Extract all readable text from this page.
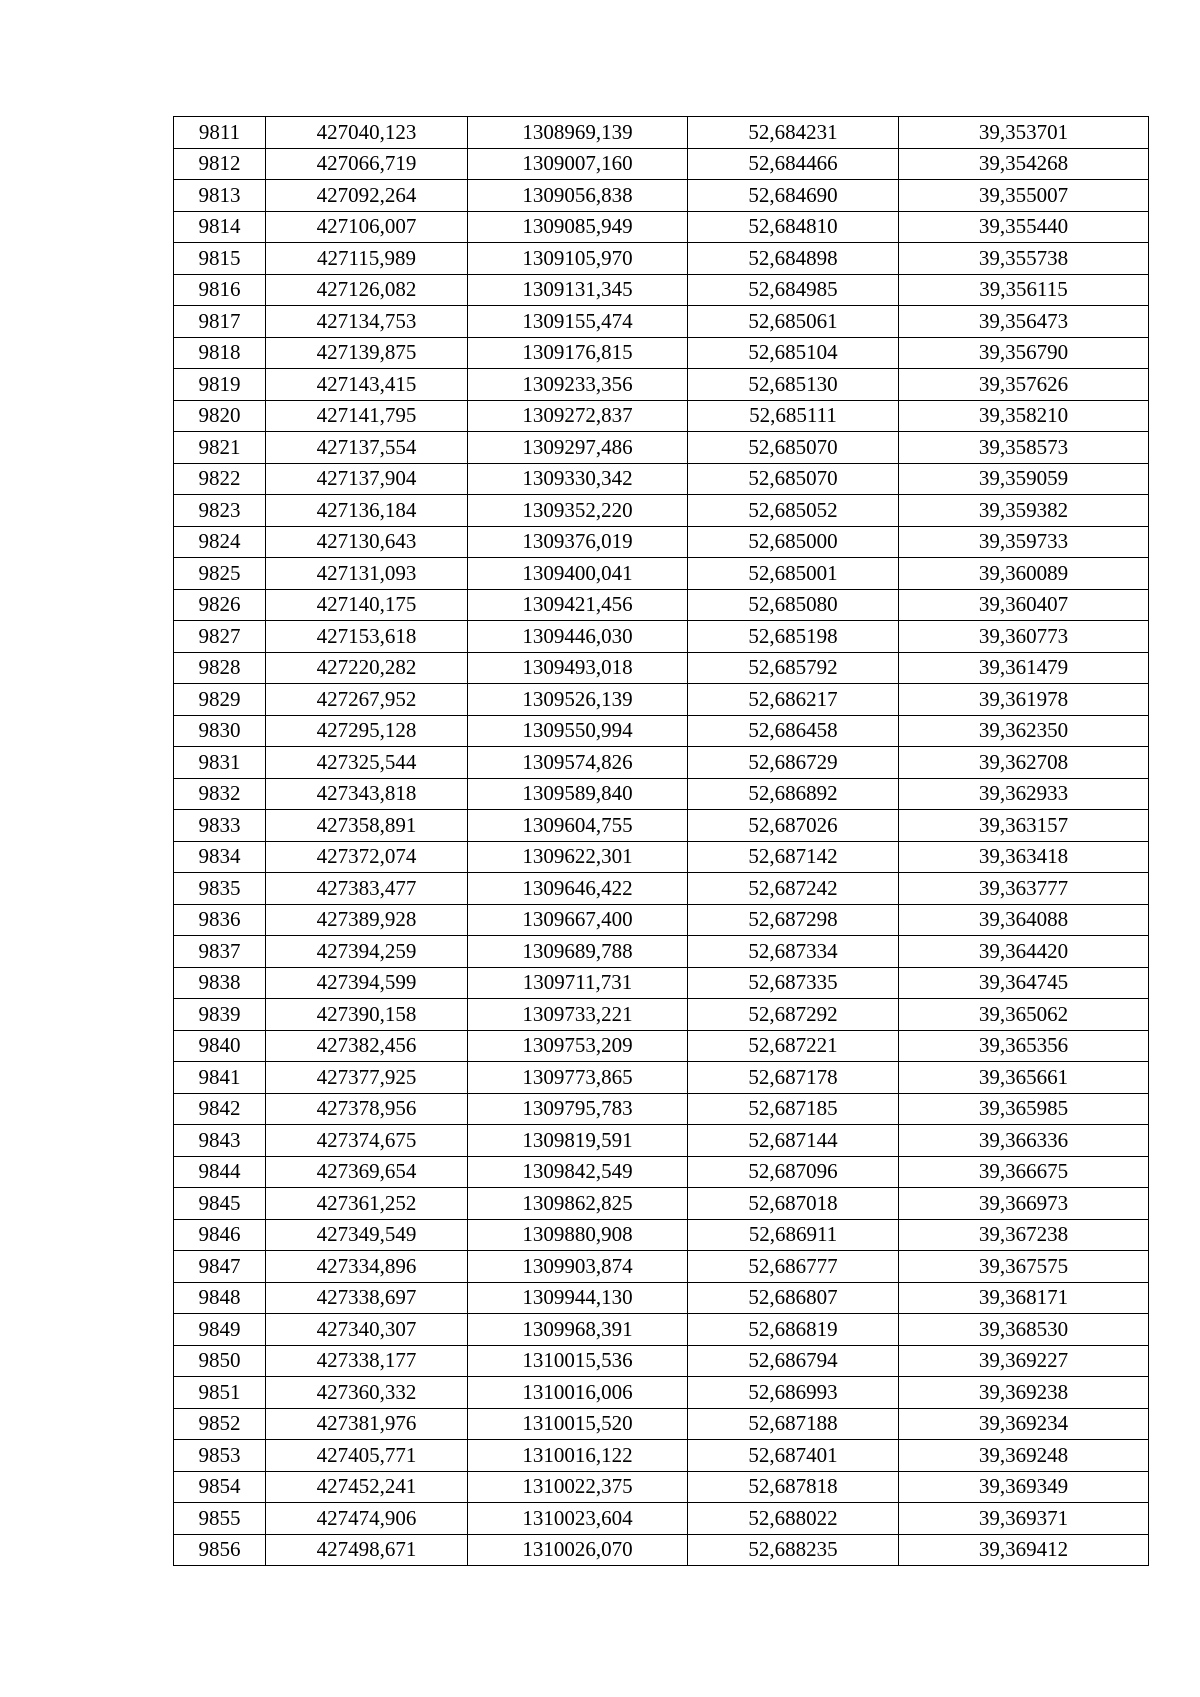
9811	427040,123	1308969,139	52,684231	39,353701
9812	427066,719	1309007,160	52,684466	39,354268
9813	427092,264	1309056,838	52,684690	39,355007
9814	427106,007	1309085,949	52,684810	39,355440
9815	427115,989	1309105,970	52,684898	39,355738
9816	427126,082	1309131,345	52,684985	39,356115
9817	427134,753	1309155,474	52,685061	39,356473
9818	427139,875	1309176,815	52,685104	39,356790
9819	427143,415	1309233,356	52,685130	39,357626
9820	427141,795	1309272,837	52,685111	39,358210
9821	427137,554	1309297,486	52,685070	39,358573
9822	427137,904	1309330,342	52,685070	39,359059
9823	427136,184	1309352,220	52,685052	39,359382
9824	427130,643	1309376,019	52,685000	39,359733
9825	427131,093	1309400,041	52,685001	39,360089
9826	427140,175	1309421,456	52,685080	39,360407
9827	427153,618	1309446,030	52,685198	39,360773
9828	427220,282	1309493,018	52,685792	39,361479
9829	427267,952	1309526,139	52,686217	39,361978
9830	427295,128	1309550,994	52,686458	39,362350
9831	427325,544	1309574,826	52,686729	39,362708
9832	427343,818	1309589,840	52,686892	39,362933
9833	427358,891	1309604,755	52,687026	39,363157
9834	427372,074	1309622,301	52,687142	39,363418
9835	427383,477	1309646,422	52,687242	39,363777
9836	427389,928	1309667,400	52,687298	39,364088
9837	427394,259	1309689,788	52,687334	39,364420
9838	427394,599	1309711,731	52,687335	39,364745
9839	427390,158	1309733,221	52,687292	39,365062
9840	427382,456	1309753,209	52,687221	39,365356
9841	427377,925	1309773,865	52,687178	39,365661
9842	427378,956	1309795,783	52,687185	39,365985
9843	427374,675	1309819,591	52,687144	39,366336
9844	427369,654	1309842,549	52,687096	39,366675
9845	427361,252	1309862,825	52,687018	39,366973
9846	427349,549	1309880,908	52,686911	39,367238
9847	427334,896	1309903,874	52,686777	39,367575
9848	427338,697	1309944,130	52,686807	39,368171
9849	427340,307	1309968,391	52,686819	39,368530
9850	427338,177	1310015,536	52,686794	39,369227
9851	427360,332	1310016,006	52,686993	39,369238
9852	427381,976	1310015,520	52,687188	39,369234
9853	427405,771	1310016,122	52,687401	39,369248
9854	427452,241	1310022,375	52,687818	39,369349
9855	427474,906	1310023,604	52,688022	39,369371
9856	427498,671	1310026,070	52,688235	39,369412
